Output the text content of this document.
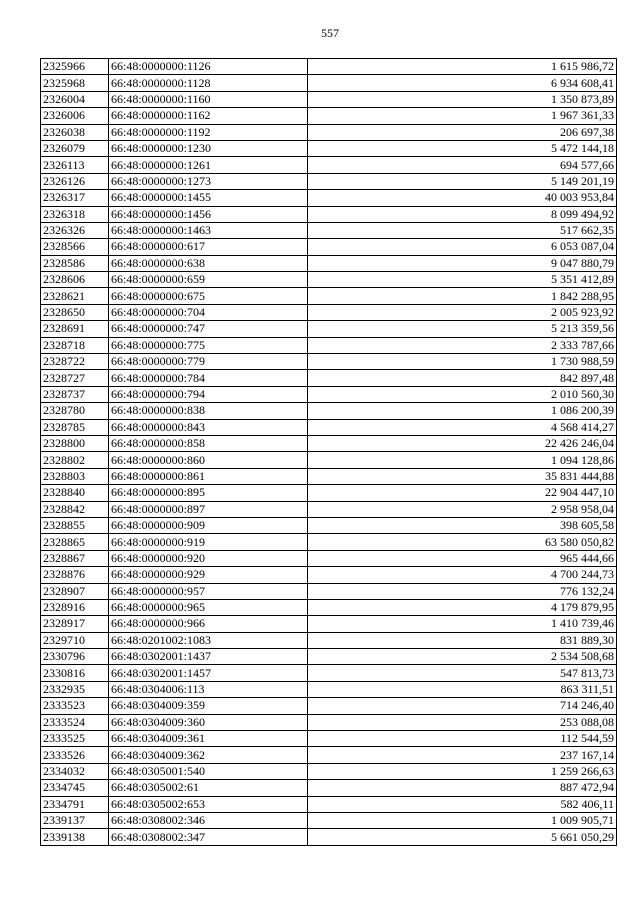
557
2325966	66:48:0000000:1126	1 615 986,72
2325968	66:48:0000000:1128	6 934 608,41
2326004	66:48:0000000:1160	1 350 873,89
2326006	66:48:0000000:1162	1 967 361,33
2326038	66:48:0000000:1192	206 697,38
2326079	66:48:0000000:1230	5 472 144,18
2326113	66:48:0000000:1261	694 577,66
2326126	66:48:0000000:1273	5 149 201,19
2326317	66:48:0000000:1455	40 003 953,84
2326318	66:48:0000000:1456	8 099 494,92
2326326	66:48:0000000:1463	517 662,35
2328566	66:48:0000000:617	6 053 087,04
2328586	66:48:0000000:638	9 047 880,79
2328606	66:48:0000000:659	5 351 412,89
2328621	66:48:0000000:675	1 842 288,95
2328650	66:48:0000000:704	2 005 923,92
2328691	66:48:0000000:747	5 213 359,56
2328718	66:48:0000000:775	2 333 787,66
2328722	66:48:0000000:779	1 730 988,59
2328727	66:48:0000000:784	842 897,48
2328737	66:48:0000000:794	2 010 560,30
2328780	66:48:0000000:838	1 086 200,39
2328785	66:48:0000000:843	4 568 414,27
2328800	66:48:0000000:858	22 426 246,04
2328802	66:48:0000000:860	1 094 128,86
2328803	66:48:0000000:861	35 831 444,88
2328840	66:48:0000000:895	22 904 447,10
2328842	66:48:0000000:897	2 958 958,04
2328855	66:48:0000000:909	398 605,58
2328865	66:48:0000000:919	63 580 050,82
2328867	66:48:0000000:920	965 444,66
2328876	66:48:0000000:929	4 700 244,73
2328907	66:48:0000000:957	776 132,24
2328916	66:48:0000000:965	4 179 879,95
2328917	66:48:0000000:966	1 410 739,46
2329710	66:48:0201002:1083	831 889,30
2330796	66:48:0302001:1437	2 534 508,68
2330816	66:48:0302001:1457	547 813,73
2332935	66:48:0304006:113	863 311,51
2333523	66:48:0304009:359	714 246,40
2333524	66:48:0304009:360	253 088,08
2333525	66:48:0304009:361	112 544,59
2333526	66:48:0304009:362	237 167,14
2334032	66:48:0305001:540	1 259 266,63
2334745	66:48:0305002:61	887 472,94
2334791	66:48:0305002:653	582 406,11
2339137	66:48:0308002:346	1 009 905,71
2339138	66:48:0308002:347	5 661 050,29
